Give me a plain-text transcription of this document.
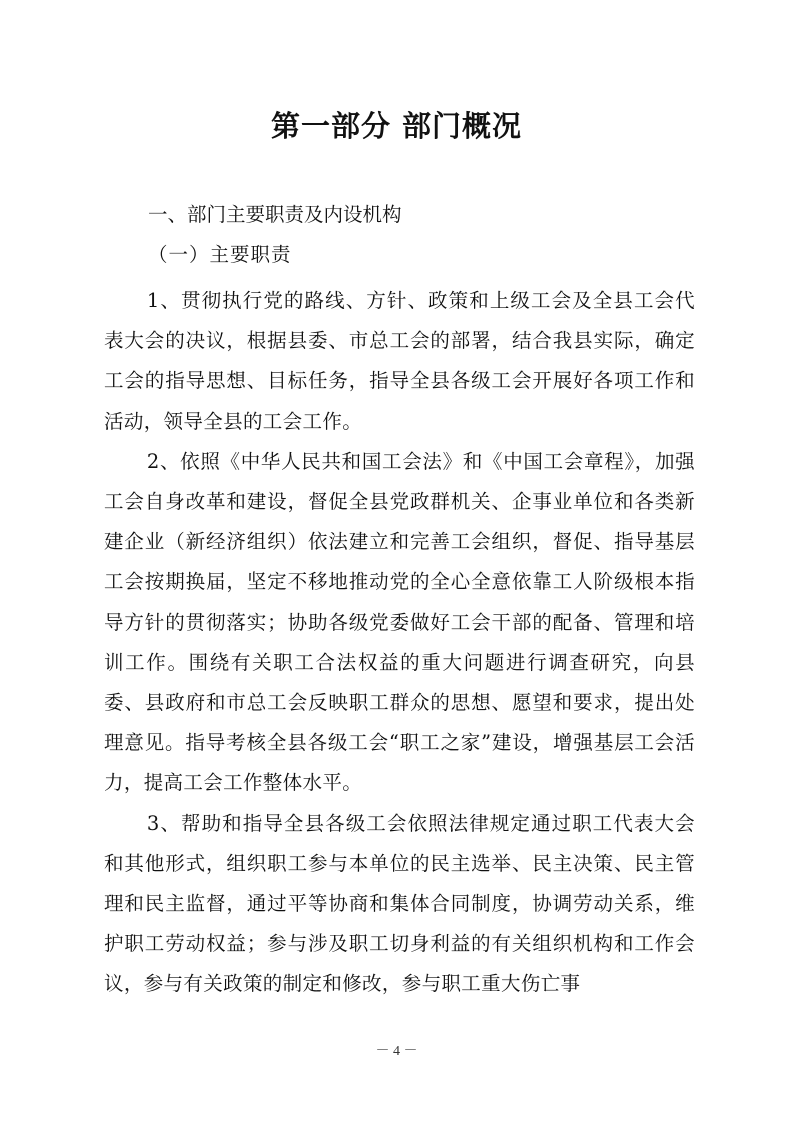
第一部分 部门概况
一、部门主要职责及内设机构
（一）主要职责

1、贯彻执行党的路线、方针、政策和上级工会及全县工会代表大会的决议，根据县委、市总工会的部署，结合我县实际，确定工会的指导思想、目标任务，指导全县各级工会开展好各项工作和活动，领导全县的工会工作。

2、依照《中华人民共和国工会法》和《中国工会章程》，加强工会自身改革和建设，督促全县党政群机关、企事业单位和各类新建企业（新经济组织）依法建立和完善工会组织，督促、指导基层工会按期换届，坚定不移地推动党的全心全意依靠工人阶级根本指导方针的贯彻落实；协助各级党委做好工会干部的配备、管理和培训工作。围绕有关职工合法权益的重大问题进行调查研究，向县委、县政府和市总工会反映职工群众的思想、愿望和要求，提出处理意见。指导考核全县各级工会“职工之家”建设，增强基层工会活力，提高工会工作整体水平。

3、帮助和指导全县各级工会依照法律规定通过职工代表大会和其他形式，组织职工参与本单位的民主选举、民主决策、民主管理和民主监督，通过平等协商和集体合同制度，协调劳动关系，维护职工劳动权益；参与涉及职工切身利益的有关组织机构和工作会议，参与有关政策的制定和修改，参与职工重大伤亡事

－ 4 －
